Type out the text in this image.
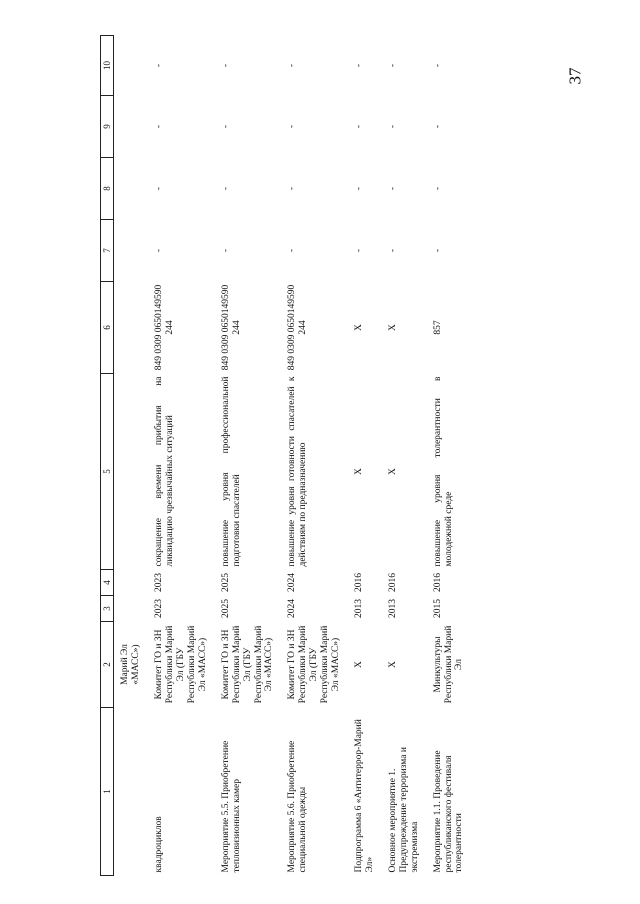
37
1	2	3	4	5	6	7	8	9	10
	Марий Эл «МАСС»)								
квадроциклов	Комитет ГО и ЗН Республики Марий Эл (ГБУ Республики Марий Эл «МАСС»)	2023	2023	сокращение времени прибытия на ликвидацию чрезвычайных ситуаций	849 0309 0650149590 244	-	-	-	-
Мероприятие 5.5. Приобретение тепловизионных камер	Комитет ГО и ЗН Республики Марий Эл (ГБУ Республики Марий Эл «МАСС»)	2025	2025	повышение уровня профессиональной подготовки спасателей	849 0309 0650149590 244	-	-	-	-
Мероприятие 5.6. Приобретение специальной одежды	Комитет ГО и ЗН Республики Марий Эл (ГБУ Республики Марий Эл «МАСС»)	2024	2024	повышение уровня готовности спасателей к действиям по предназначению	849 0309 0650149590 244	-	-	-	-
Подпрограмма 6 «Антитеррор-Марий Эл»	X	2013	2016	X	X	-	-	-	-
Основное мероприятие 1. Предупреждение терроризма и экстремизма	X	2013	2016	X	X	-	-	-	-
Мероприятие 1.1. Проведение республиканского фестиваля толерантности	Минкультуры Республики Марий Эл	2015	2016	повышение уровня толерантности в молодежной среде	857	-	-	-	-
